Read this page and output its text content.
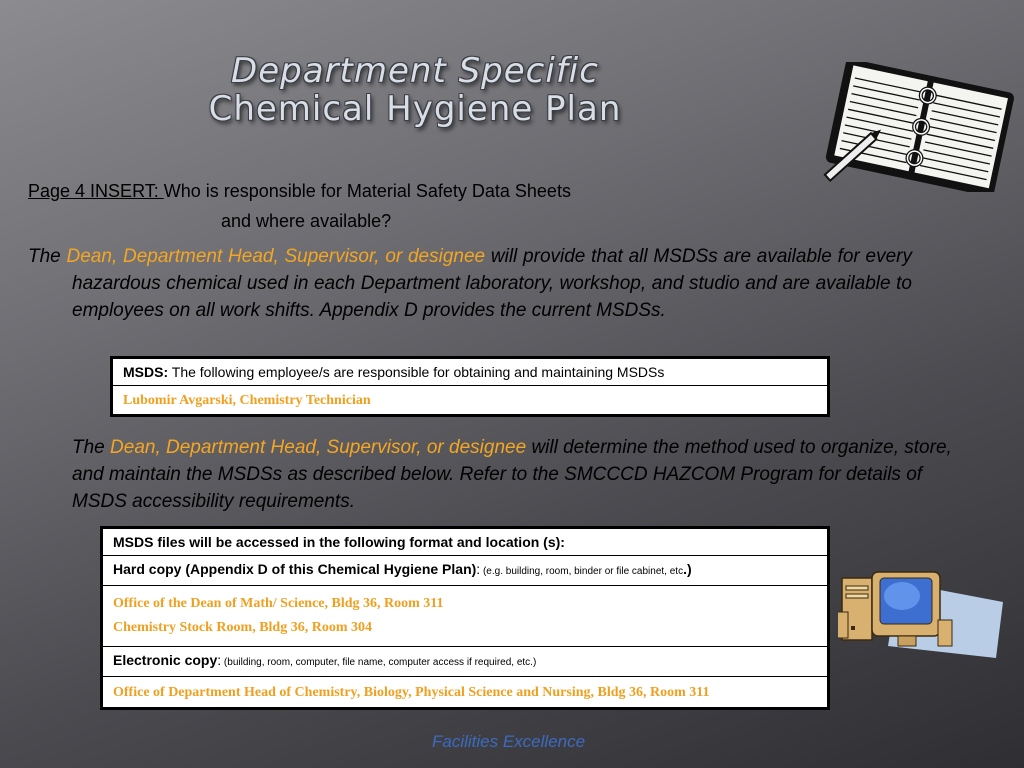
Department Specific
Chemical Hygiene Plan
Page 4 INSERT: Who is responsible for Material Safety Data Sheets
and where available?
The Dean, Department Head, Supervisor, or designee will provide that all MSDSs are available for every hazardous chemical used in each Department laboratory, workshop, and studio and are available to employees on all work shifts. Appendix D provides the current MSDSs.
MSDS: The following employee/s are responsible for obtaining and maintaining MSDSs
Lubomir Avgarski, Chemistry Technician
The Dean, Department Head, Supervisor, or designee will determine the method used to organize, store, and maintain the MSDSs as described below. Refer to the SMCCCD HAZCOM Program for details of MSDS accessibility requirements.
MSDS files will be accessed in the following format and location (s):
Hard copy (Appendix D of this Chemical Hygiene Plan): (e.g. building, room, binder or file cabinet, etc.)

Office of the Dean of Math/ Science, Bldg 36, Room 311
Chemistry Stock Room, Bldg 36, Room 304

Electronic copy: (building, room, computer, file name, computer access if required, etc.)
Office of Department Head of Chemistry, Biology, Physical Science and Nursing, Bldg 36, Room 311
Facilities Excellence
